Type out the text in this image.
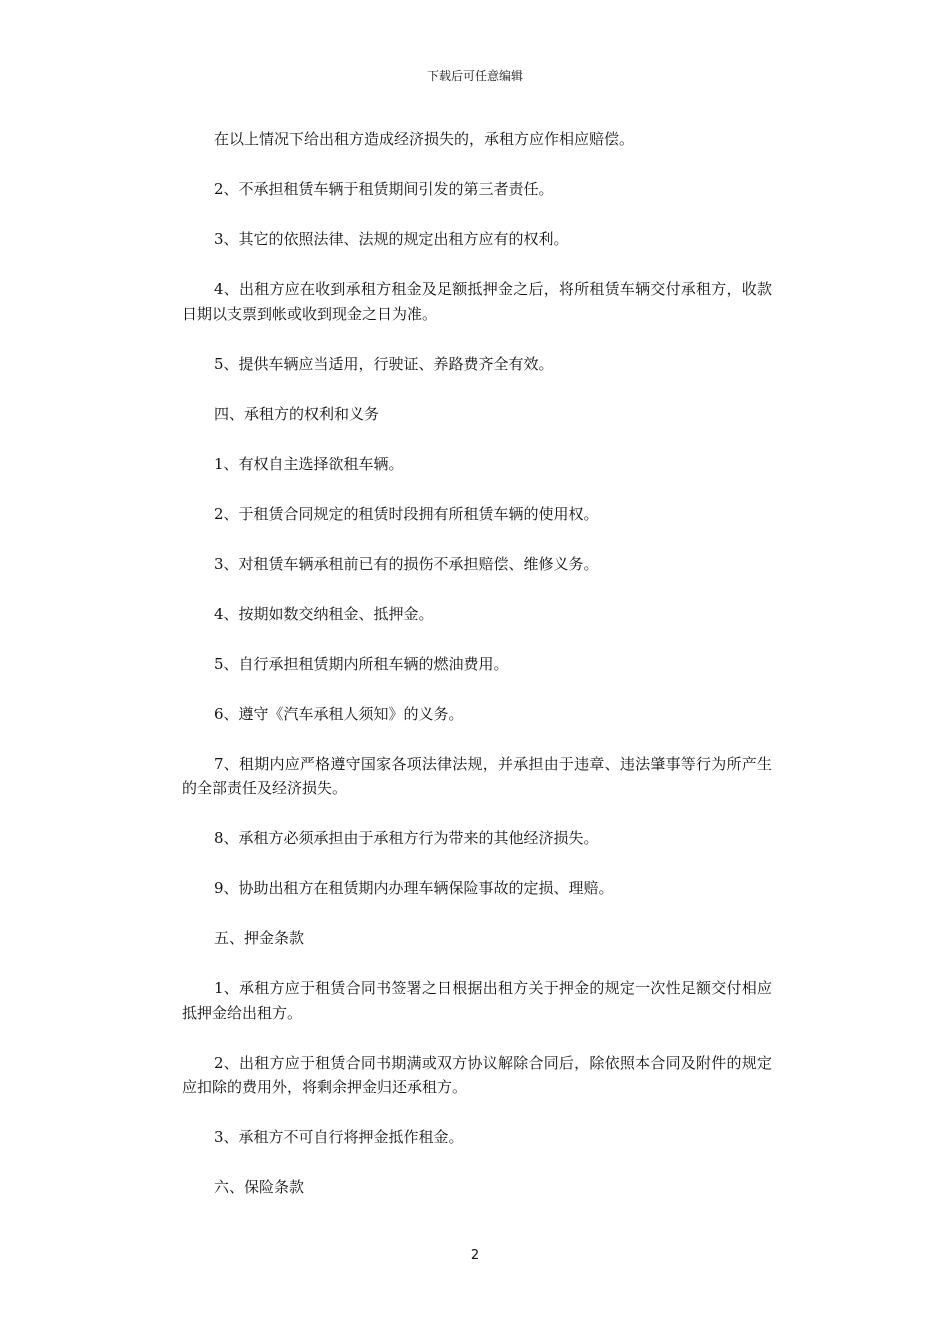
下载后可任意编辑

在以上情况下给出租方造成经济损失的，承租方应作相应赔偿。

2、不承担租赁车辆于租赁期间引发的第三者责任。

3、其它的依照法律、法规的规定出租方应有的权利。

4、出租方应在收到承租方租金及足额抵押金之后，将所租赁车辆交付承租方，收款日期以支票到帐或收到现金之日为准。

5、提供车辆应当适用，行驶证、养路费齐全有效。

四、承租方的权利和义务

1、有权自主选择欲租车辆。

2、于租赁合同规定的租赁时段拥有所租赁车辆的使用权。

3、对租赁车辆承租前已有的损伤不承担赔偿、维修义务。

4、按期如数交纳租金、抵押金。

5、自行承担租赁期内所租车辆的燃油费用。

6、遵守《汽车承租人须知》的义务。

7、租期内应严格遵守国家各项法律法规，并承担由于违章、违法肇事等行为所产生的全部责任及经济损失。

8、承租方必须承担由于承租方行为带来的其他经济损失。

9、协助出租方在租赁期内办理车辆保险事故的定损、理赔。

五、押金条款

1、承租方应于租赁合同书签署之日根据出租方关于押金的规定一次性足额交付相应抵押金给出租方。

2、出租方应于租赁合同书期满或双方协议解除合同后，除依照本合同及附件的规定应扣除的费用外，将剩余押金归还承租方。

3、承租方不可自行将押金抵作租金。

六、保险条款

2
